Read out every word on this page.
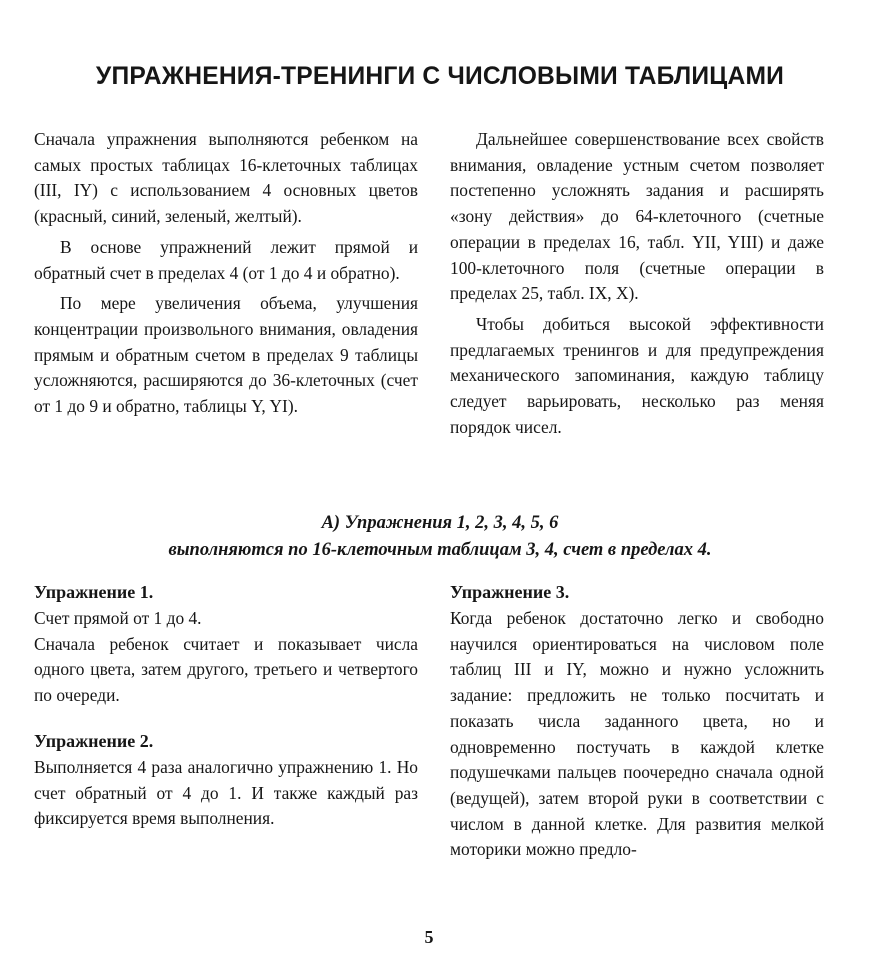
УПРАЖНЕНИЯ-ТРЕНИНГИ С ЧИСЛОВЫМИ ТАБЛИЦАМИ

Сначала упражнения выполняются ребенком на самых простых таблицах 16-клеточных таблицах (III, IY) с использованием 4 основных цветов (красный, синий, зеленый, желтый).

В основе упражнений лежит прямой и обратный счет в пределах 4 (от 1 до 4 и обратно).

По мере увеличения объема, улучшения концентрации произвольного внимания, овладения прямым и обратным счетом в пределах 9 таблицы усложняются, расширяются до 36-клеточных (счет от 1 до 9 и обратно, таблицы Y, YI).

Дальнейшее совершенствование всех свойств внимания, овладение устным счетом позволяет постепенно усложнять задания и расширять «зону действия» до 64-клеточного (счетные операции в пределах 16, табл. YII, YIII) и даже 100-клеточного поля (счетные операции в пределах 25, табл. IX, X).

Чтобы добиться высокой эффективности предлагаемых тренингов и для предупреждения механического запоминания, каждую таблицу следует варьировать, несколько раз меняя порядок чисел.

А) Упражнения 1, 2, 3, 4, 5, 6
выполняются по 16-клеточным таблицам 3, 4, счет в пределах 4.
Упражнение 1.

Счет прямой от 1 до 4.

Сначала ребенок считает и показывает числа одного цвета, затем другого, третьего и четвертого по очереди.

Упражнение 2.

Выполняется 4 раза аналогично упражнению 1. Но счет обратный от 4 до 1. И также каждый раз фиксируется время выполнения.

Упражнение 3.

Когда ребенок достаточно легко и свободно научился ориентироваться на числовом поле таблиц III и IY, можно и нужно усложнить задание: предложить не только посчитать и показать числа заданного цвета, но и одновременно постучать в каждой клетке подушечками пальцев поочередно сначала одной (ведущей), затем второй руки в соответствии с числом в данной клетке. Для развития мелкой моторики можно предло-

5
